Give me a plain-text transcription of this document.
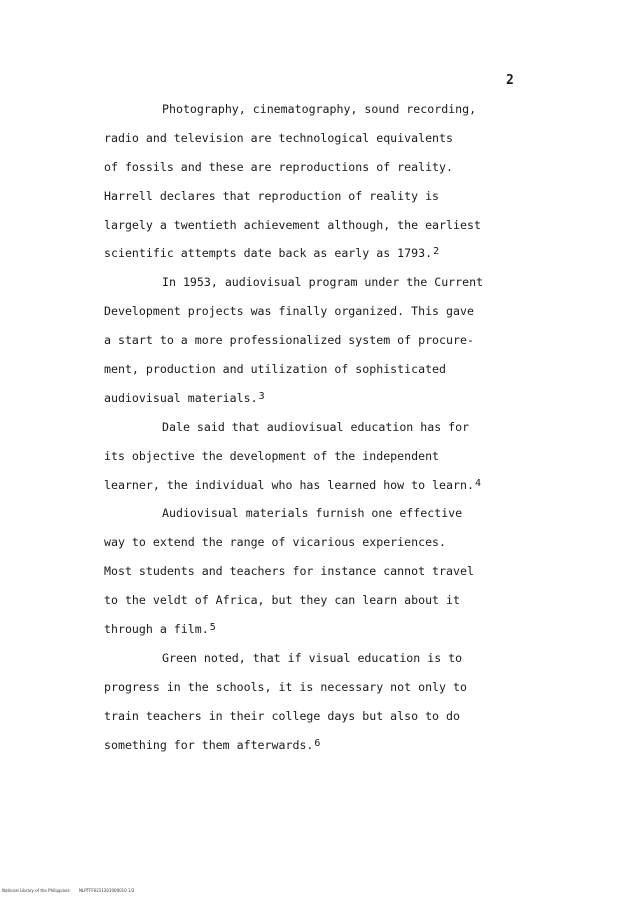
2
Photography, cinematography, sound recording,
radio and television are technological equivalents
of fossils and these are reproductions of reality.
Harrell declares that reproduction of reality is
largely a twentieth achievement although, the earliest
scientific attempts date back as early as 1793.$^2$
In 1953, audiovisual program under the Current
Development projects was finally organized. This gave
a start to a more professionalized system of procure-
ment, production and utilization of sophisticated
audiovisual materials.$^3$
Dale said that audiovisual education has for
its objective the development of the independent
learner, the individual who has learned how to learn.$^4$
Audiovisual materials furnish one effective
way to extend the range of vicarious experiences.
Most students and teachers for instance cannot travel
to the veldt of Africa, but they can learn about it
through a film.$^5$
Green noted, that if visual education is to
progress in the schools, it is necessary not only to
train teachers in their college days but also to do
something for them afterwards.$^6$
National Library of the Philippines NLPTFF0211201000010 1/2
